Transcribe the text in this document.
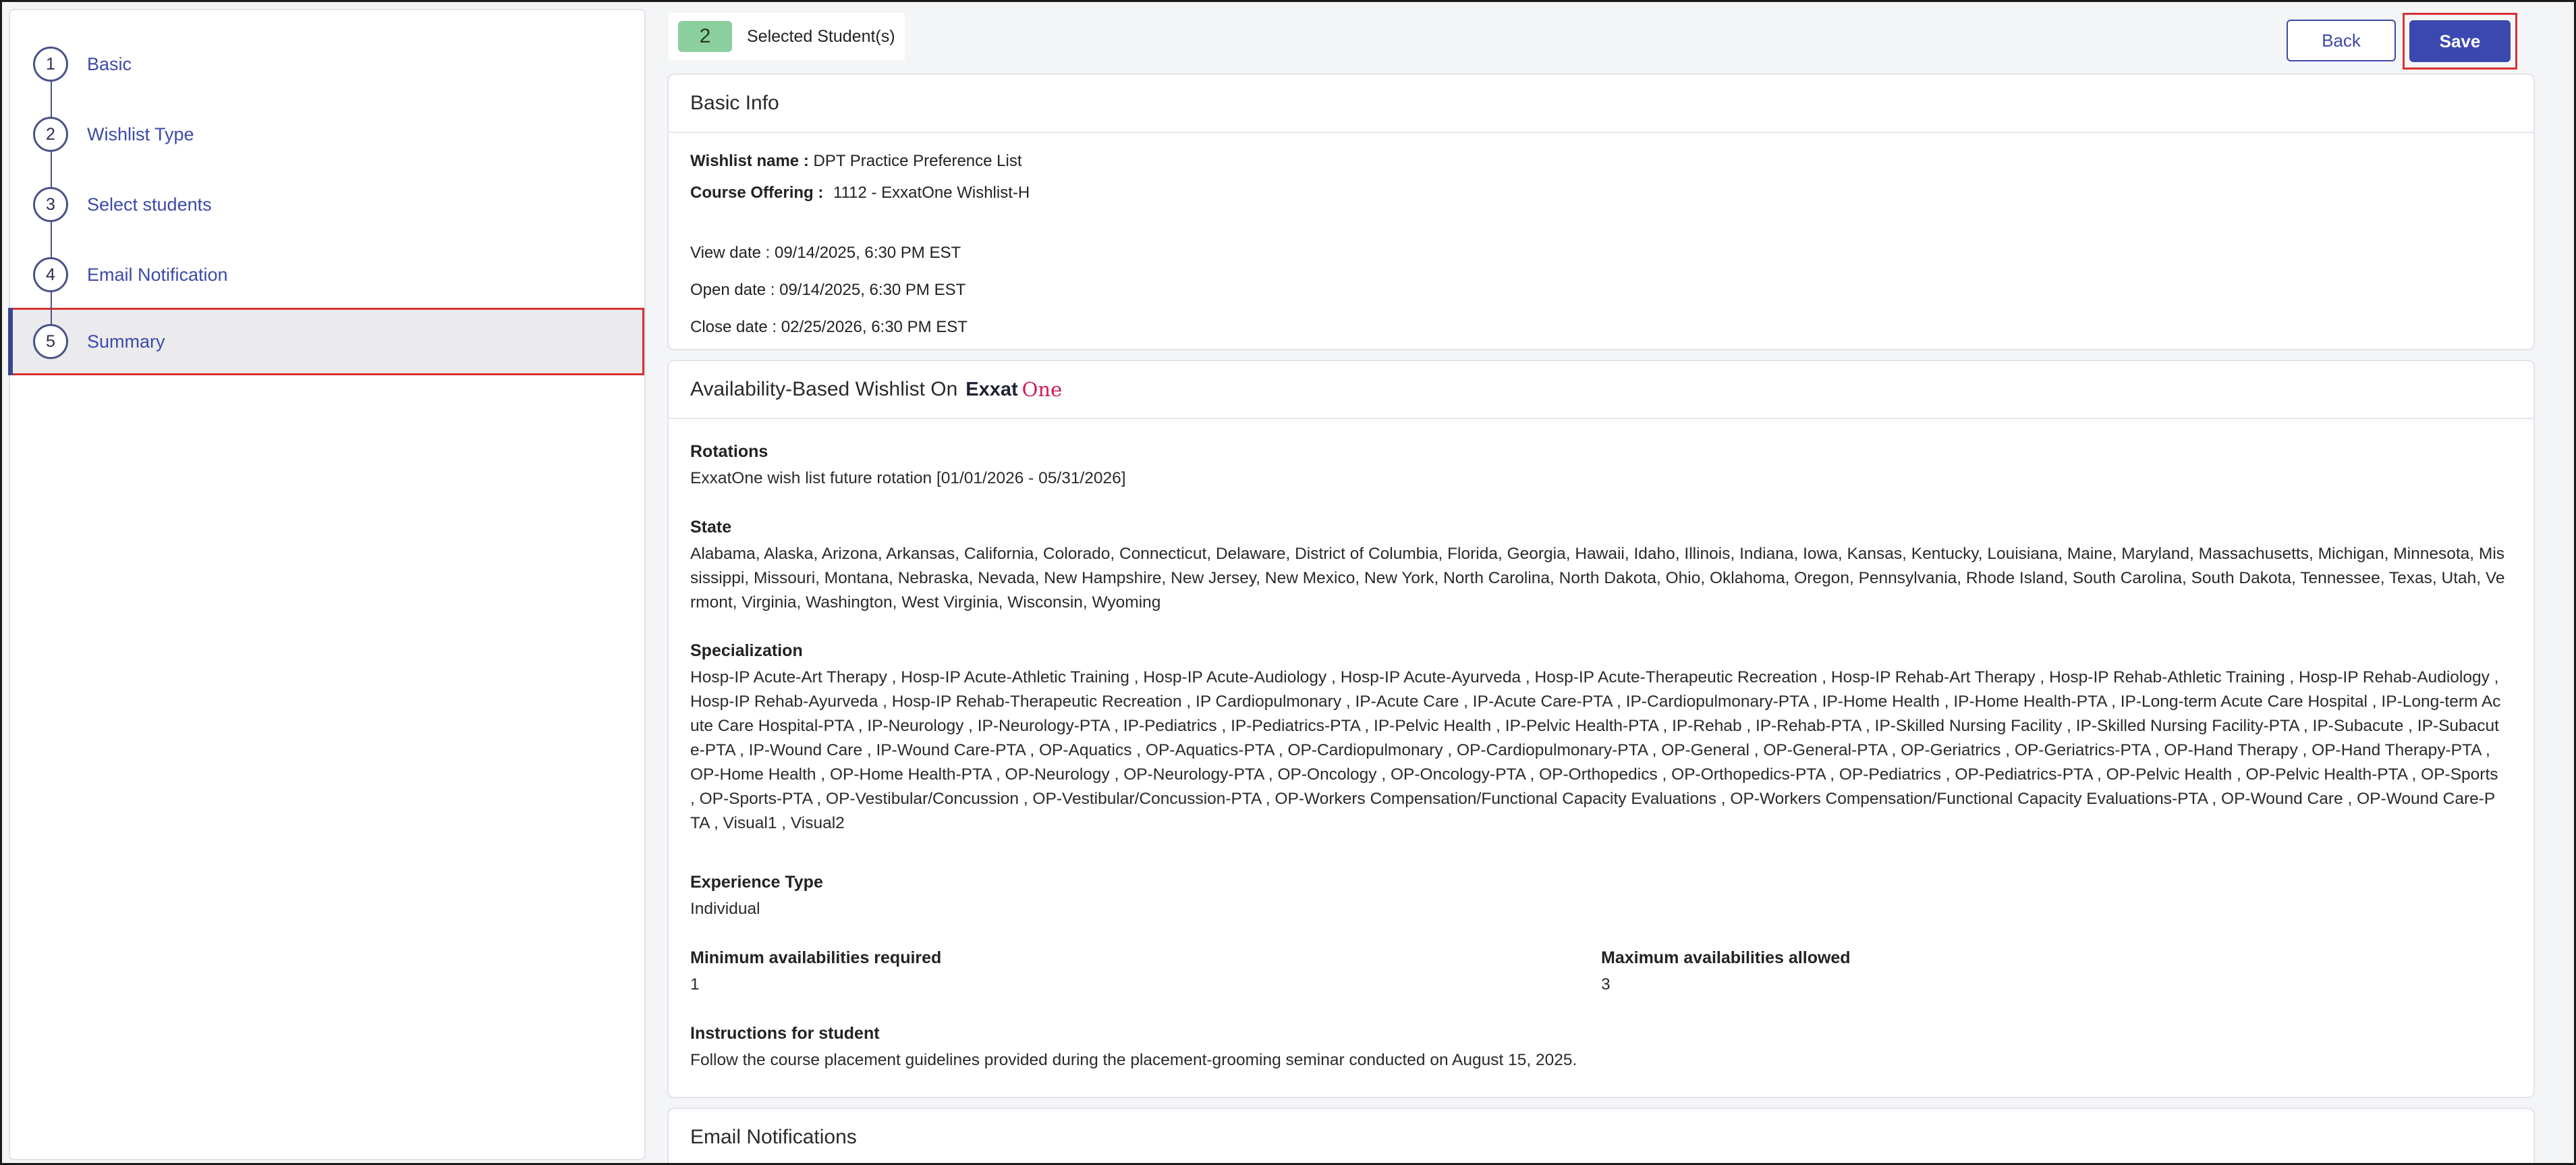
1	Basic
2	Wishlist Type
3	Select students
4	Email Notification
5	Summary
2	Selected Student(s)	Back	Save
Basic Info
Wishlist name : DPT Practice Preference List
Course Offering : 1112 - ExxatOne Wishlist-H
View date : 09/14/2025, 6:30 PM EST
Open date : 09/14/2025, 6:30 PM EST
Close date : 02/25/2026, 6:30 PM EST
Availability-Based Wishlist On Exxat One
Rotations
ExxatOne wish list future rotation [01/01/2026 - 05/31/2026]
State
Alabama, Alaska, Arizona, Arkansas, California, Colorado, Connecticut, Delaware, District of Columbia, Florida, Georgia, Hawaii, Idaho, Illinois, Indiana, Iowa, Kansas, Kentucky, Louisiana, Maine, Maryland, Massachusetts, Michigan, Minnesota, Mississippi, Missouri, Montana, Nebraska, Nevada, New Hampshire, New Jersey, New Mexico, New York, North Carolina, North Dakota, Ohio, Oklahoma, Oregon, Pennsylvania, Rhode Island, South Carolina, South Dakota, Tennessee, Texas, Utah, Vermont, Virginia, Washington, West Virginia, Wisconsin, Wyoming
Specialization
Hosp-IP Acute-Art Therapy , Hosp-IP Acute-Athletic Training , Hosp-IP Acute-Audiology , Hosp-IP Acute-Ayurveda , Hosp-IP Acute-Therapeutic Recreation , Hosp-IP Rehab-Art Therapy , Hosp-IP Rehab-Athletic Training , Hosp-IP Rehab-Audiology , Hosp-IP Rehab-Ayurveda , Hosp-IP Rehab-Therapeutic Recreation , IP Cardiopulmonary , IP-Acute Care , IP-Acute Care-PTA , IP-Cardiopulmonary-PTA , IP-Home Health , IP-Home Health-PTA , IP-Long-term Acute Care Hospital , IP-Long-term Acute Care Hospital-PTA , IP-Neurology , IP-Neurology-PTA , IP-Pediatrics , IP-Pediatrics-PTA , IP-Pelvic Health , IP-Pelvic Health-PTA , IP-Rehab , IP-Rehab-PTA , IP-Skilled Nursing Facility , IP-Skilled Nursing Facility-PTA , IP-Subacute , IP-Subacute-PTA , IP-Wound Care , IP-Wound Care-PTA , OP-Aquatics , OP-Aquatics-PTA , OP-Cardiopulmonary , OP-Cardiopulmonary-PTA , OP-General , OP-General-PTA , OP-Geriatrics , OP-Geriatrics-PTA , OP-Hand Therapy , OP-Hand Therapy-PTA , OP-Home Health , OP-Home Health-PTA , OP-Neurology , OP-Neurology-PTA , OP-Oncology , OP-Oncology-PTA , OP-Orthopedics , OP-Orthopedics-PTA , OP-Pediatrics , OP-Pediatrics-PTA , OP-Pelvic Health , OP-Pelvic Health-PTA , OP-Sports , OP-Sports-PTA , OP-Vestibular/Concussion , OP-Vestibular/Concussion-PTA , OP-Workers Compensation/Functional Capacity Evaluations , OP-Workers Compensation/Functional Capacity Evaluations-PTA , OP-Wound Care , OP-Wound Care-PTA , Visual1 , Visual2
Experience Type
Individual
Minimum availabilities required
1
Maximum availabilities allowed
3
Instructions for student
Follow the course placement guidelines provided during the placement-grooming seminar conducted on August 15, 2025.
Email Notifications
